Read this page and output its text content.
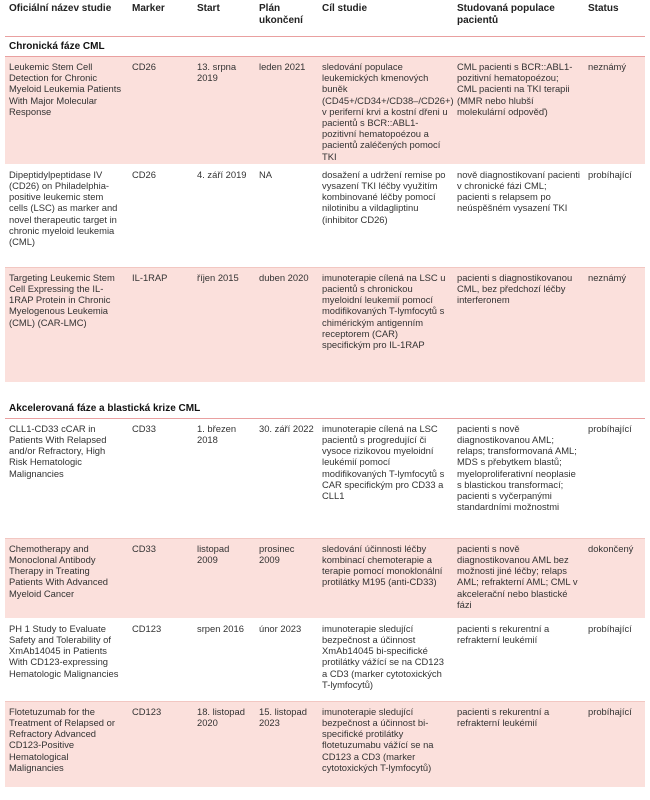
Oficiální název studie	Marker	Start	Plán ukončení	Cíl studie	Studovaná populace pacientů	Status
Chronická fáze CML						
Leukemic Stem Cell Detection for Chronic Myeloid Leukemia Patients With Major Molecular Response	CD26	13. srpna 2019	leden 2021	sledování populace leukemických kmenových buněk (CD45+/CD34+/CD38–/CD26+) v periferní krvi a kostní dřeni u pacientů s BCR::ABL1-pozitivní hematopoézou a pacientů zaléčených pomocí TKI	CML pacienti s BCR::ABL1-pozitivní hematopoézou; CML pacienti na TKI terapii (MMR nebo hlubší molekulární odpověď)	neznámý
Dipeptidylpeptidase IV (CD26) on Philadelphia-positive leukemic stem cells (LSC) as marker and novel therapeutic target in chronic myeloid leukemia (CML)	CD26	4. září 2019	NA	dosažení a udržení remise po vysazení TKI léčby využitím kombinované léčby pomocí nilotinibu a vildagliptinu (inhibitor CD26)	nově diagnostikovaní pacienti v chronické fázi CML; pacienti s relapsem po neúspěšném vysazení TKI	probíhající
Targeting Leukemic Stem Cell Expressing the IL-1RAP Protein in Chronic Myelogenous Leukemia (CML) (CAR-LMC)	IL-1RAP	říjen 2015	duben 2020	imunoterapie cílená na LSC u pacientů s chronickou myeloidní leukemií pomocí modifikovaných T-lymfocytů s chimérickým antigenním receptorem (CAR) specifickým pro IL-1RAP	pacienti s diagnostikovanou CML, bez předchozí léčby interferonem	neznámý

Akcelerovaná fáze a blastická krize CML						
CLL1-CD33 cCAR in Patients With Relapsed and/or Refractory, High Risk Hematologic Malignancies	CD33	1. březen 2018	30. září 2022	imunoterapie cílená na LSC pacientů s progredující či vysoce rizikovou myeloidní leukémií pomocí modifikovaných T-lymfocytů s CAR specifickým pro CD33 a CLL1	pacienti s nově diagnostikovanou AML; relaps; transformovaná AML; MDS s přebytkem blastů; myeloproliferativní neoplasie s blastickou transformací; pacienti s vyčerpanými standardními možnostmi	probíhající
Chemotherapy and Monoclonal Antibody Therapy in Treating Patients With Advanced Myeloid Cancer	CD33	listopad 2009	prosinec 2009	sledování účinnosti léčby kombinací chemoterapie a terapie pomocí monoklonální protilátky M195 (anti-CD33)	pacienti s nově diagnostikovanou AML bez možnosti jiné léčby; relaps AML; refrakterní AML; CML v akcelerační nebo blastické fázi	dokončený
PH 1 Study to Evaluate Safety and Tolerability of XmAb14045 in Patients With CD123-expressing Hematologic Malignancies	CD123	srpen 2016	únor 2023	imunoterapie sledující bezpečnost a účinnost XmAb14045 bi-specifické protilátky vážící se na CD123 a CD3 (marker cytotoxických T-lymfocytů)	pacienti s rekurentní a refrakterní leukémií	probíhající
Flotetuzumab for the Treatment of Relapsed or Refractory Advanced CD123-Positive Hematological Malignancies	CD123	18. listopad 2020	15. listopad 2023	imunoterapie sledující bezpečnost a účinnost bi-specifické protilátky flotetuzumabu vážící se na CD123 a CD3 (marker cytotoxických T-lymfocytů)	pacienti s rekurentní a refrakterní leukémií	probíhající
